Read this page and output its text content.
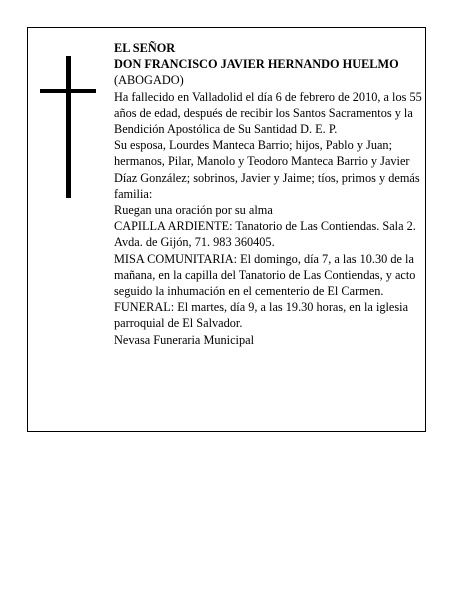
EL SEÑOR

DON FRANCISCO JAVIER HERNANDO HUELMO

(ABOGADO)

Ha fallecido en Valladolid el día 6 de febrero de 2010, a los 55 años de edad, después de recibir los Santos Sacramentos y la Bendición Apostólica de Su Santidad D. E. P.

Su esposa, Lourdes Manteca Barrio; hijos, Pablo y Juan; hermanos, Pilar, Manolo y Teodoro Manteca Barrio y Javier Díaz González; sobrinos, Javier y Jaime; tíos, primos y demás familia:

Ruegan una oración por su alma

CAPILLA ARDIENTE: Tanatorio de Las Contiendas. Sala 2. Avda. de Gijón, 71. 983 360405.

MISA COMUNITARIA: El domingo, día 7, a las 10.30 de la mañana, en la capilla del Tanatorio de Las Contiendas, y acto seguido la inhumación en el cementerio de El Carmen.

FUNERAL: El martes, día 9, a las 19.30 horas, en la iglesia parroquial de El Salvador.

Nevasa Funeraria Municipal
